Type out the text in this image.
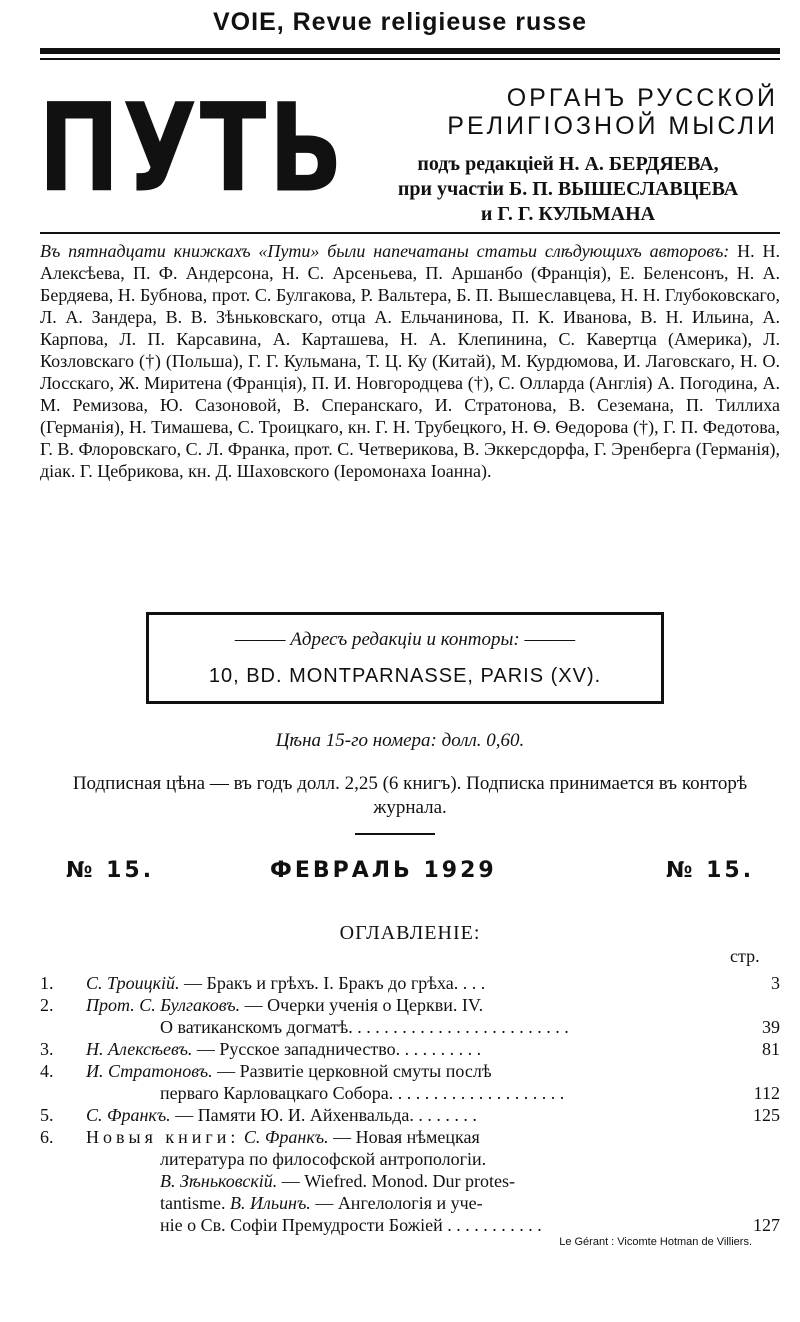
VOIE, Revue religieuse russe
ПУТЬ	ОРГАНЪ РУССКОЙ
РЕЛИГІОЗНОЙ МЫСЛИ
подъ редакціей Н. А. БЕРДЯЕВА,
при участіи Б. П. ВЫШЕСЛАВЦЕВА
и Г. Г. КУЛЬМАНА
Въ пятнадцати книжкахъ «Пути» были напечатаны статьи слѣдующихъ авторовъ: Н. Н. Алексѣева, П. Ф. Андерсона, Н. С. Арсеньева, П. Аршанбо (Франція), Е. Беленсонъ, Н. А. Бердяева, Н. Бубнова, прот. С. Булгакова, Р. Вальтера, Б. П. Вышеславцева, Н. Н. Глубоковскаго, Л. А. Зандера, В. В. Зѣньковскаго, отца А. Ельчанинова, П. К. Иванова, В. Н. Ильина, А. Карпова, Л. П. Карсавина, А. Карташева, Н. А. Клепинина, С. Кавертца (Америка), Л. Козловскаго (†) (Польша), Г. Г. Кульмана, Т. Ц. Ку (Китай), М. Курдюмова, И. Лаговскаго, Н. О. Лосскаго, Ж. Миритена (Франція), П. И. Новгородцева (†), С. Олларда (Англія) А. Погодина, А. М. Ремизова, Ю. Сазоновой, В. Сперанскаго, И. Стратонова, В. Сеземана, П. Тиллиха (Германія), Н. Тимашева, С. Троицкаго, кн. Г. Н. Трубецкого, Н. Ѳ. Ѳедорова (†), Г. П. Федотова, Г. В. Флоровскаго, С. Л. Франка, прот. С. Четверикова, В. Эккерсдорфа, Г. Эренберга (Германія), діак. Г. Цебрикова, кн. Д. Шаховского (Іеромонаха Іоанна).
——— Адресъ редакціи и конторы: ———
10, BD. MONTPARNASSE, PARIS (XV).
Цѣна 15-го номера: долл. 0,60.
Подписная цѣна — въ годъ долл. 2,25 (6 книгъ). Подписка принимается въ конторѣ журнала.
№ 15.	ФЕВРАЛЬ 1929	№ 15.
ОГЛАВЛЕНІЕ:
стр.
1. С. Троицкій. — Бракъ и грѣхъ. I. Бракъ до грѣха. . . .	3
2. Прот. С. Булгаковъ. — Очерки ученія о Церкви. IV.
О ватиканскомъ догматѣ. . . . . . . . . . . . . . . . . . . . . . . . .	39
3. Н. Алексѣевъ. — Русское западничество. . . . . . . . . .	81
4. И. Стратоновъ. — Развитіе церковной смуты послѣ
перваго Карловацкаго Собора. . . . . . . . . . . . . . . . . . . .	112
5. С. Франкъ. — Памяти Ю. И. Айхенвальда. . . . . . . .	125
6. Новыя книги: С. Франкъ. — Новая нѣмецкая
литература по философской антропологіи.
В. Зѣньковскій. — Wiefred. Monod. Dur protes-
tantisme. В. Ильинъ. — Ангелологія и уче-
ніе о Св. Софіи Премудрости Божіей . . . . . . . . . . .	127
Le Gérant : Vicomte Hotman de Villiers.
